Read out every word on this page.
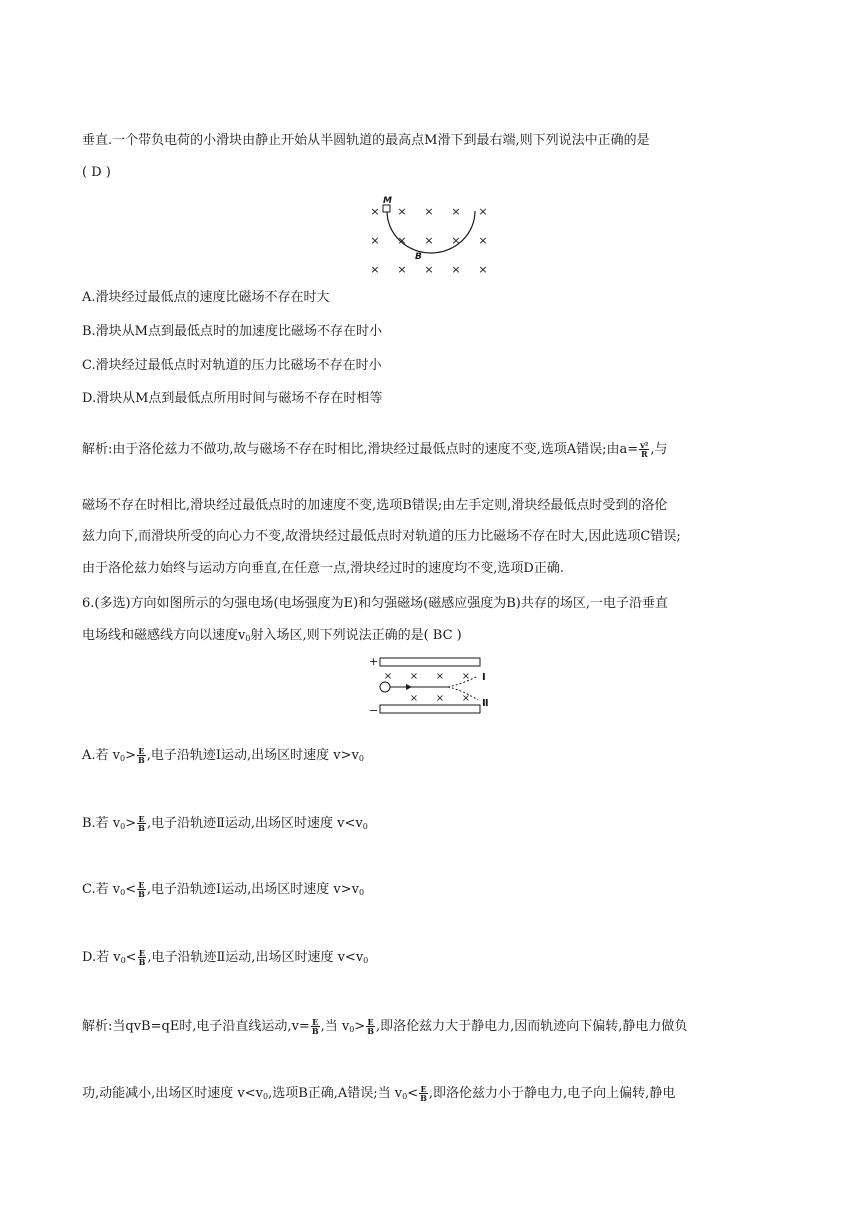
垂直.一个带负电荷的小滑块由静止开始从半圆轨道的最高点M滑下到最右端,则下列说法中正确的是
( D )
× × × × ×
× × × × ×
× × × × ×
M
B
A.滑块经过最低点的速度比磁场不存在时大
B.滑块从M点到最低点时的加速度比磁场不存在时小
C.滑块经过最低点时对轨道的压力比磁场不存在时小
D.滑块从M点到最低点所用时间与磁场不存在时相等
解析:由于洛伦兹力不做功,故与磁场不存在时相比,滑块经过最低点时的速度不变,选项A错误;由$a= \frac{\text{v²}}{R}$ ,与
磁场不存在时相比,滑块经过最低点时的加速度不变,选项B错误;由左手定则,滑块经最低点时受到的洛伦
兹力向下,而滑块所受的向心力不变,故滑块经过最低点时对轨道的压力比磁场不存在时大,因此选项C错误;
由于洛伦兹力始终与运动方向垂直,在任意一点,滑块经过时的速度均不变,选项D正确.
6.(多选)方向如图所示的匀强电场(电场强度为E)和匀强磁场(磁感应强度为B)共存的场区,一电子沿垂直
电场线和磁感线方向以速度$v_0$射入场区,则下列说法正确的是( BC )
+
× × × ×
× × ×
Ⅰ
Ⅱ
−
A.若 $v_0> \frac{E}{B}$ ,电子沿轨迹Ⅰ运动,出场区时速度 $v>v_0$
B.若 $v_0> \frac{E}{B}$ ,电子沿轨迹Ⅱ运动,出场区时速度 $v<v_0$
C.若 $v_0< \frac{E}{B}$ ,电子沿轨迹Ⅰ运动,出场区时速度 $v>v_0$
D.若 $v_0< \frac{E}{B}$ ,电子沿轨迹Ⅱ运动,出场区时速度 $v<v_0$
解析:当qvB=qE时,电子沿直线运动$,v= \frac{E}{B}$ ,当 $v_0> \frac{E}{B}$ ,即洛伦兹力大于静电力,因而轨迹向下偏转,静电力做负
功,动能减小,出场区时速度 $v<v_0$,选项B正确,A错误;当 $v_0< \frac{E}{B}$ ,即洛伦兹力小于静电力,电子向上偏转,静电
